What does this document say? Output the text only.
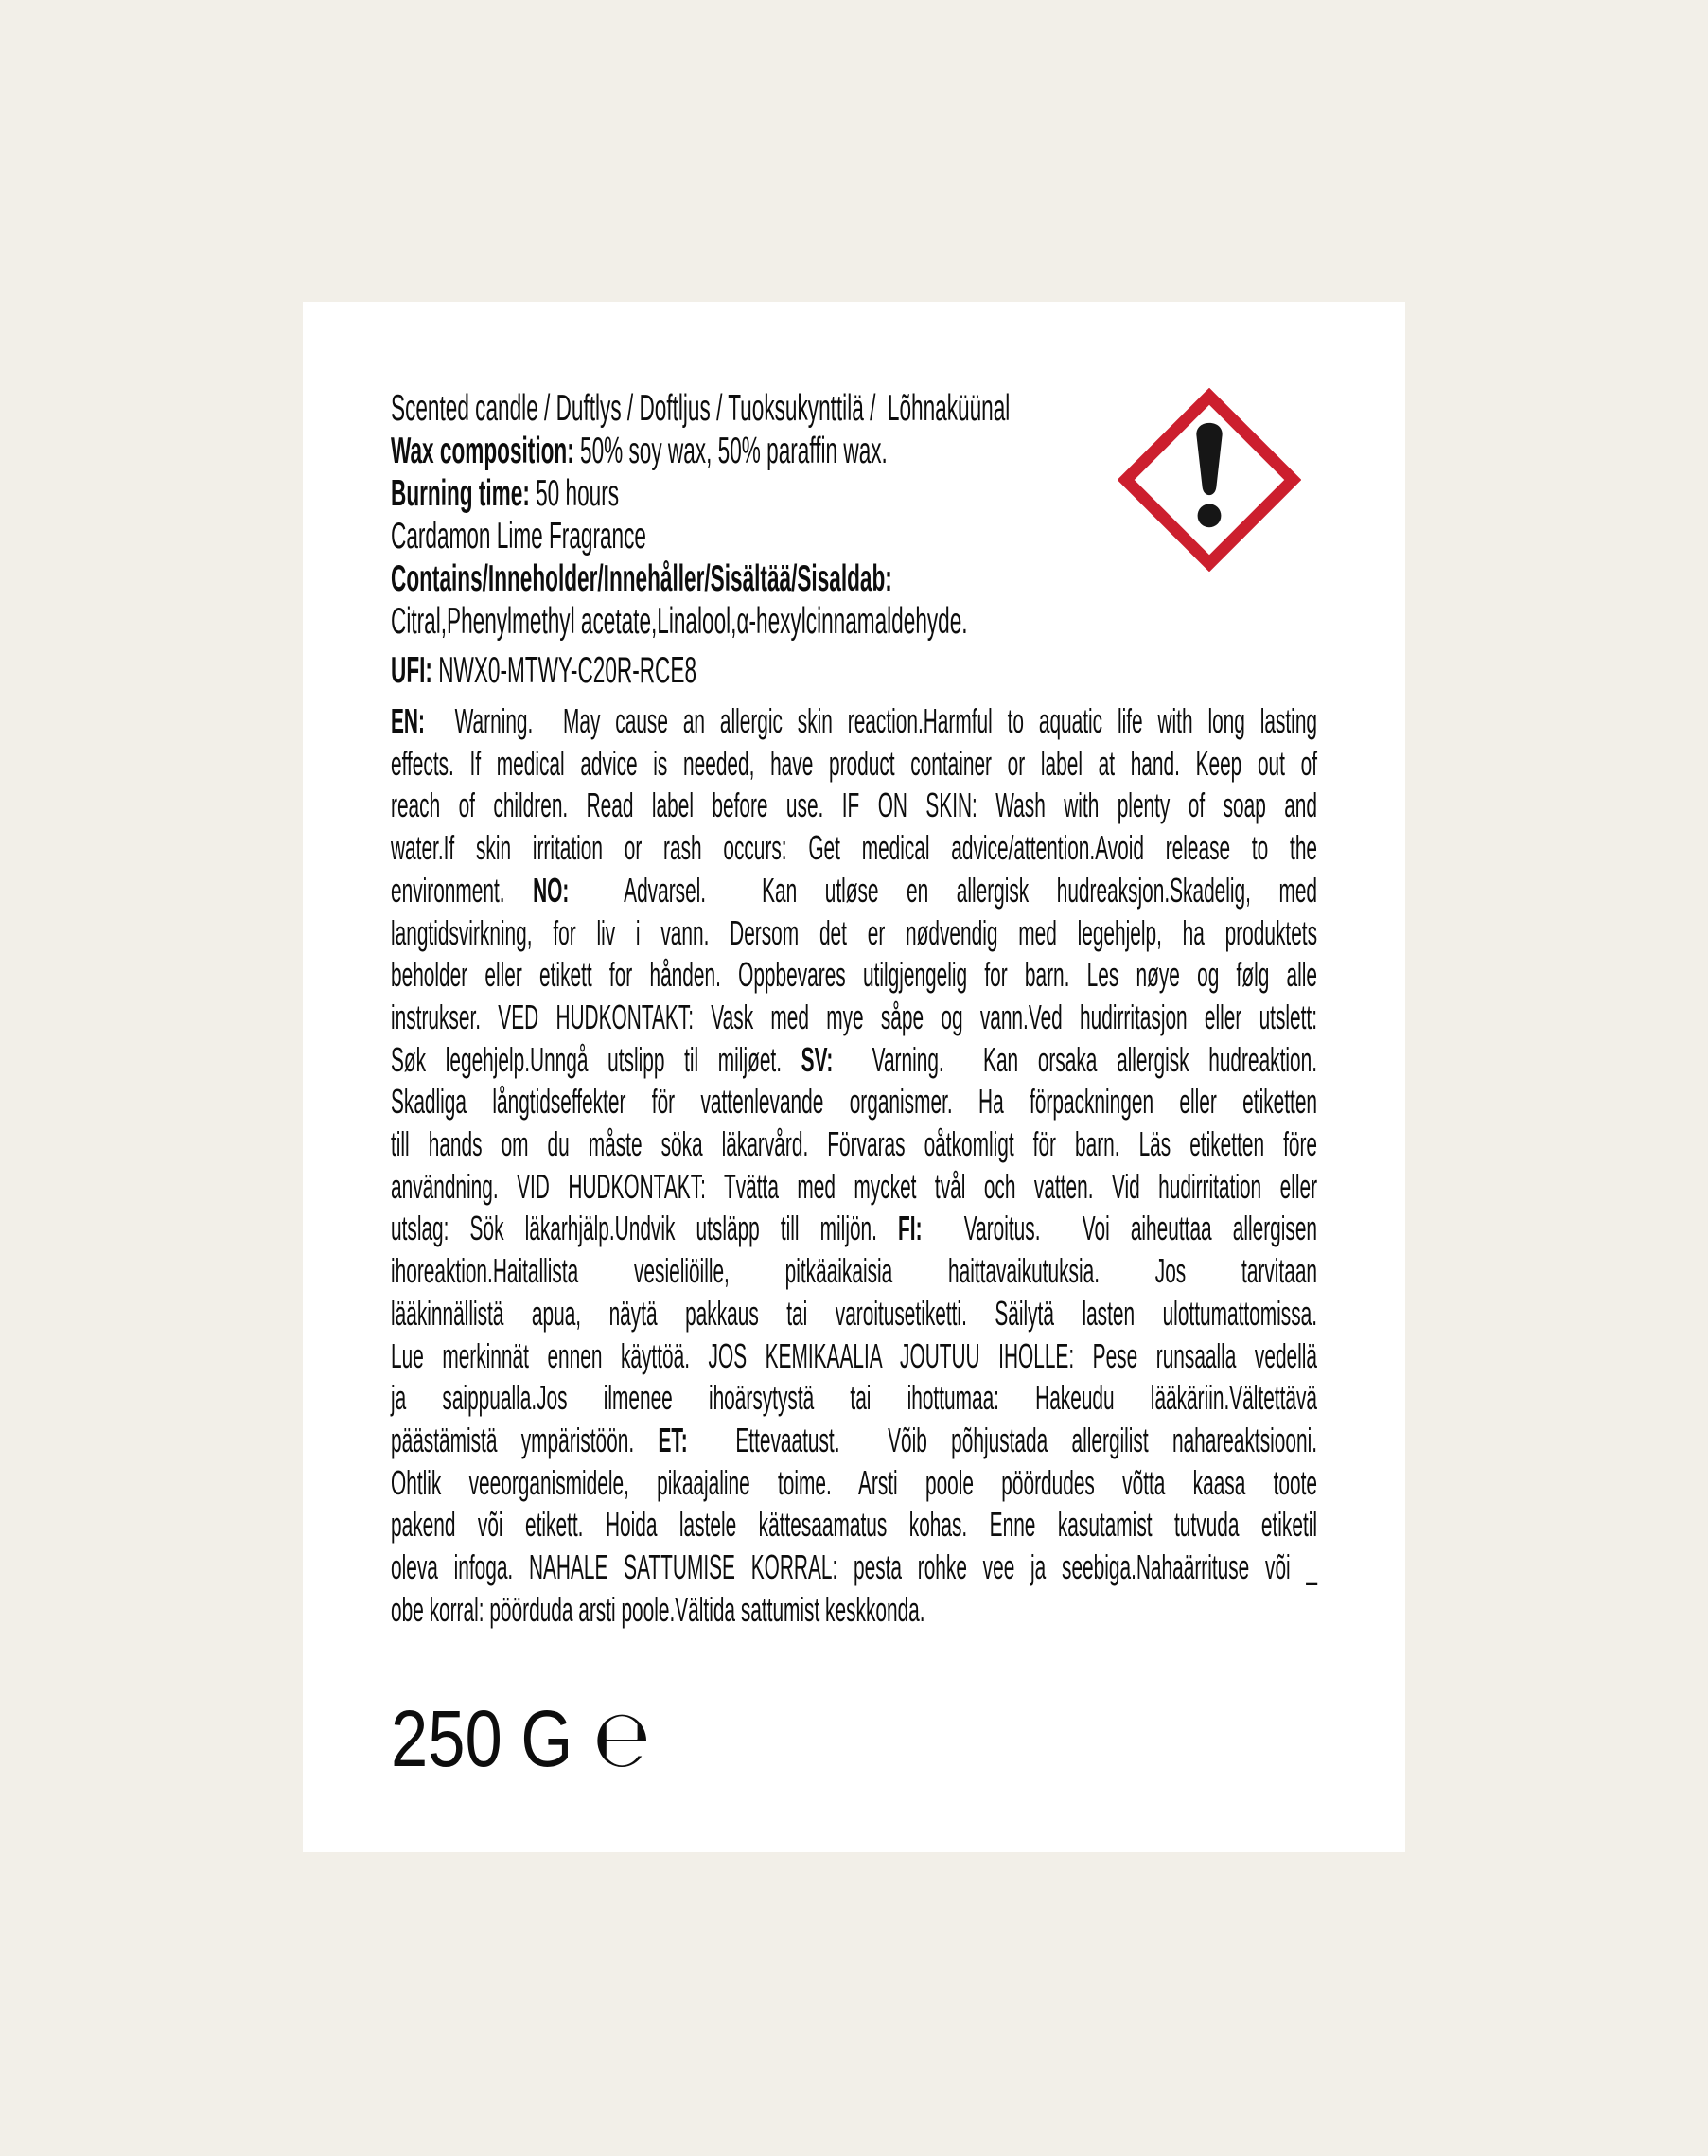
Scented candle / Duftlys / Doftljus / Tuoksukynttilä /  Lõhnaküünal
Wax composition: 50% soy wax, 50% paraffin wax.
Burning time: 50 hours
Cardamon Lime Fragrance
Contains/Inneholder/Innehåller/Sisältää/Sisaldab:
Citral,Phenylmethyl acetate,Linalool,α-hexylcinnamaldehyde.
UFI: NWX0-MTWY-C20R-RCE8
EN:  Warning.  May cause an allergic skin reaction.Harmful to aquatic life with long lasting
effects. If medical advice is needed, have product container or label at hand. Keep out of
reach of children. Read label before use. IF ON SKIN: Wash with plenty of soap and
water.If skin irritation or rash occurs: Get medical advice/attention.Avoid release to the
environment. NO:  Advarsel.  Kan utløse en allergisk hudreaksjon.Skadelig, med
langtidsvirkning, for liv i vann. Dersom det er nødvendig med legehjelp, ha produktets
beholder eller etikett for hånden. Oppbevares utilgjengelig for barn. Les nøye og følg alle
instrukser. VED HUDKONTAKT: Vask med mye såpe og vann.Ved hudirritasjon eller utslett:
Søk legehjelp.Unngå utslipp til miljøet. SV:  Varning.  Kan orsaka allergisk hudreaktion.
Skadliga långtidseffekter för vattenlevande organismer. Ha förpackningen eller etiketten
till hands om du måste söka läkarvård. Förvaras oåtkomligt för barn. Läs etiketten före
användning. VID HUDKONTAKT: Tvätta med mycket tvål och vatten. Vid hudirritation eller
utslag: Sök läkarhjälp.Undvik utsläpp till miljön. FI:  Varoitus.  Voi aiheuttaa allergisen
ihoreaktion.Haitallista vesieliöille, pitkäaikaisia haittavaikutuksia. Jos tarvitaan
lääkinnällistä apua, näytä pakkaus tai varoitusetiketti. Säilytä lasten ulottumattomissa.
Lue merkinnät ennen käyttöä. JOS KEMIKAALIA JOUTUU IHOLLE: Pese runsaalla vedellä
ja saippualla.Jos ilmenee ihoärsytystä tai ihottumaa: Hakeudu lääkäriin.Vältettävä
päästämistä ympäristöön. ET:  Ettevaatust.  Võib põhjustada allergilist nahareaktsiooni.
Ohtlik veeorganismidele, pikaajaline toime. Arsti poole pöördudes võtta kaasa toote
pakend või etikett. Hoida lastele kättesaamatus kohas. Enne kasutamist tutvuda etiketil
oleva infoga. NAHALE SATTUMISE KORRAL: pesta rohke vee ja seebiga.Nahaärrituse või _
obe korral: pöörduda arsti poole.Vältida sattumist keskkonda.
250 G ℮
